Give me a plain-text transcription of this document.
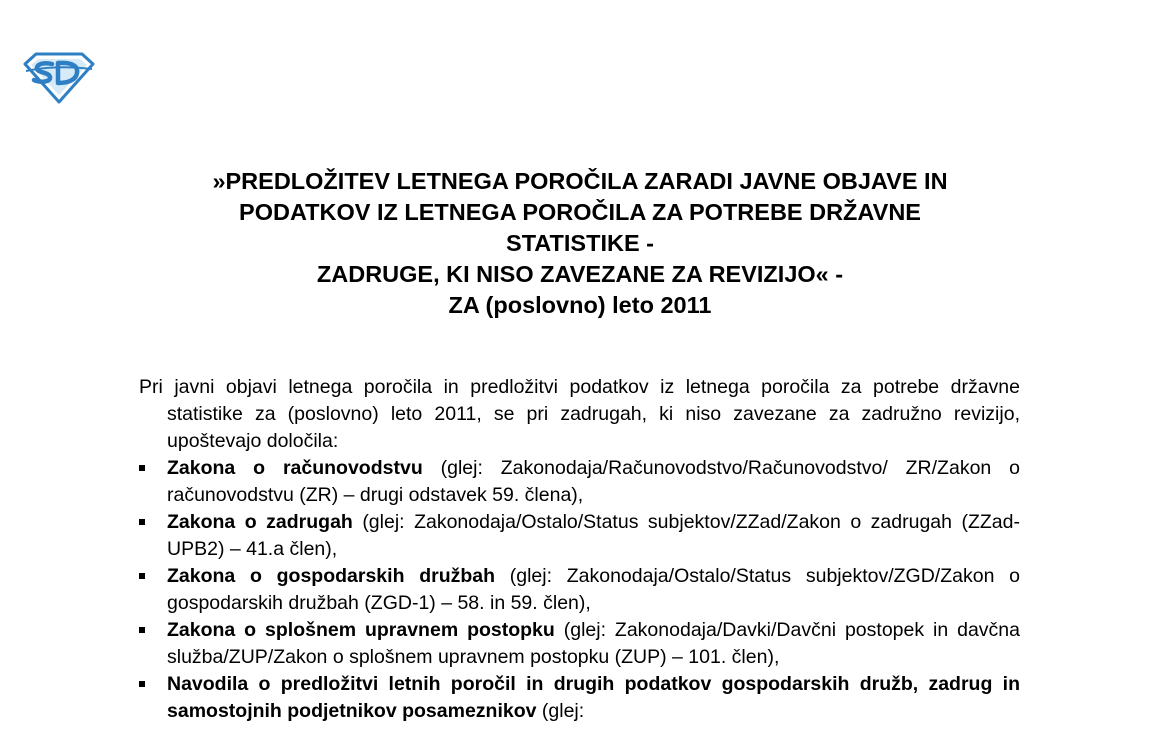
»PREDLOŽITEV LETNEGA POROČILA ZARADI JAVNE OBJAVE IN
PODATKOV IZ LETNEGA POROČILA ZA POTREBE DRŽAVNE
STATISTIKE -
ZADRUGE, KI NISO ZAVEZANE ZA REVIZIJO« -
ZA (poslovno) leto 2011

Pri javni objavi letnega poročila in predložitvi podatkov iz letnega poročila za potrebe državne statistike za (poslovno) leto 2011, se pri zadrugah, ki niso zavezane za zadružno revizijo, upoštevajo določila:

Zakona o računovodstvu (glej: Zakonodaja/Računovodstvo/Računovodstvo/ ZR/Zakon o računovodstvu (ZR) – drugi odstavek 59. člena),
Zakona o zadrugah (glej: Zakonodaja/Ostalo/Status subjektov/ZZad/Zakon o zadrugah (ZZad-UPB2) – 41.a člen),
Zakona o gospodarskih družbah (glej: Zakonodaja/Ostalo/Status subjektov/ZGD/Zakon o gospodarskih družbah (ZGD-1) – 58. in 59. člen),
Zakona o splošnem upravnem postopku (glej: Zakonodaja/Davki/Davčni postopek in davčna služba/ZUP/Zakon o splošnem upravnem postopku (ZUP) – 101. člen),
Navodila o predložitvi letnih poročil in drugih podatkov gospodarskih družb, zadrug in samostojnih podjetnikov posameznikov (glej:
